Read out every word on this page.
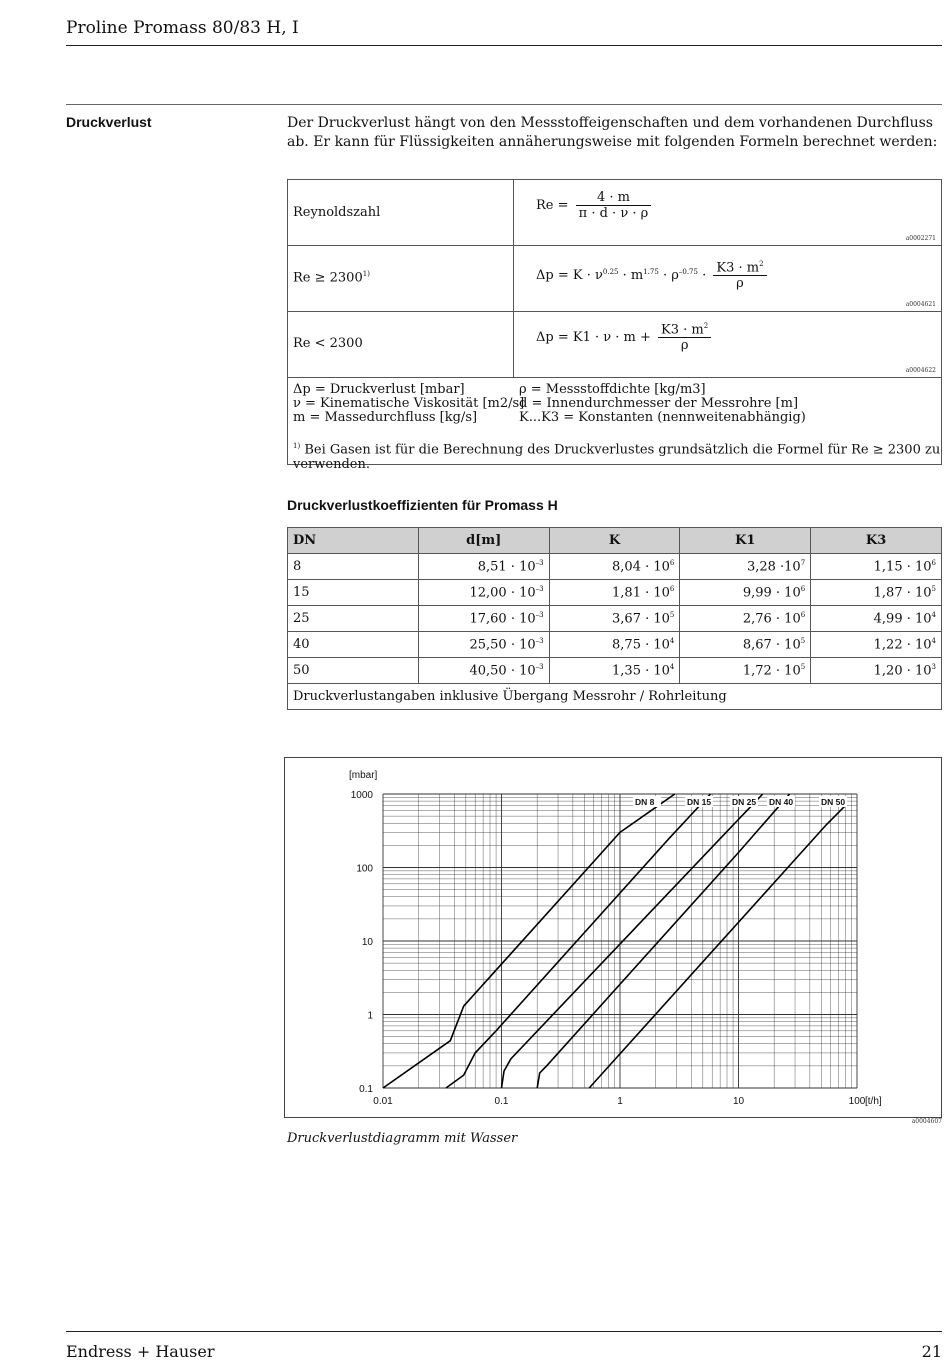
Proline Promass 80/83 H, I
Druckverlust	Der Druckverlust hängt von den Messstoffeigenschaften und dem vorhandenen Durchfluss ab. Er kann für Flüssigkeiten annäherungsweise mit folgenden Formeln berechnet werden:
Reynoldszahl	$Re = \frac{4 \cdot m}{\pi \cdot d \cdot \nu \cdot \rho}$
a0002271
$Re \ge 2300^{1)}$	$\Delta p = K \cdot \nu^{0.25} \cdot m^{1.75} \cdot \rho^{-0.75} \cdot \frac{K3 \cdot m^2}{\rho}$
a0004621
Re < 2300	$\Delta p = K1 \cdot \nu \cdot m + \frac{K3 \cdot m^2}{\rho}$
a0004622
Δp = Druckverlust [mbar]
ν = Kinematische Viskosität [m2/s]
m = Massedurchfluss [kg/s]
ρ = Messstoffdichte [kg/m3]
d = Innendurchmesser der Messrohre [m]
K...K3 = Konstanten (nennweitenabhängig)
$^{1)}$ Bei Gasen ist für die Berechnung des Druckverlustes grundsätzlich die Formel für Re ≥ 2300 zu verwenden.
Druckverlustkoeffizienten für Promass H
DN	d[m]	K	K1	K3
8	$8,51 \cdot 10^{-3}$	$8,04 \cdot 10^6$	$3,28 \cdot 10^7$	$1,15 \cdot 10^6$
15	$12,00 \cdot 10^{-3}$	$1,81 \cdot 10^6$	$9,99 \cdot 10^6$	$1,87 \cdot 10^5$
25	$17,60 \cdot 10^{-3}$	$3,67 \cdot 10^5$	$2,76 \cdot 10^6$	$4,99 \cdot 10^4$
40	$25,50 \cdot 10^{-3}$	$8,75 \cdot 10^4$	$8,67 \cdot 10^5$	$1,22 \cdot 10^4$
50	$40,50 \cdot 10^{-3}$	$1,35 \cdot 10^4$	$1,72 \cdot 10^5$	$1,20 \cdot 10^3$
Druckverlustangaben inklusive Übergang Messrohr / Rohrleitung				
0.01	0.1	1	10	100
0.1
1
10
100
1000
[mbar]
[t/h]
DN 8	DN 15 DN 25 DN 40	DN 50
a0004607
Druckverlustdiagramm mit Wasser
Endress + Hauser	21
